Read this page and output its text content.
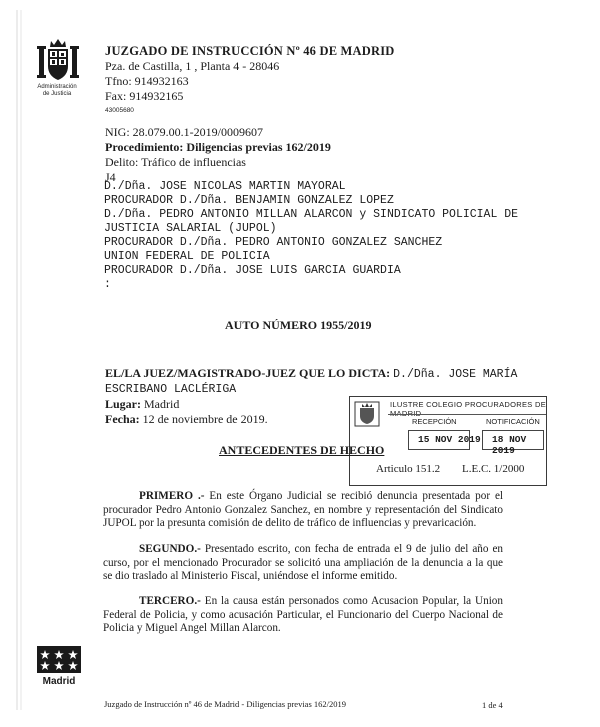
Administración
de Justicia
JUZGADO DE INSTRUCCIÓN Nº 46 DE MADRID
Pza. de Castilla, 1 , Planta 4 - 28046
Tfno: 914932163
Fax: 914932165
43005680
NIG: 28.079.00.1-2019/0009607
Procedimiento: Diligencias previas 162/2019
Delito: Tráfico de influencias
J4
D./Dña. JOSE NICOLAS MARTIN MAYORAL
PROCURADOR D./Dña. BENJAMIN GONZALEZ LOPEZ
D./Dña. PEDRO ANTONIO MILLAN ALARCON y SINDICATO POLICIAL DE
JUSTICIA SALARIAL (JUPOL)
PROCURADOR D./Dña. PEDRO ANTONIO GONZALEZ SANCHEZ
UNION FEDERAL DE POLICIA
PROCURADOR D./Dña. JOSE LUIS GARCIA GUARDIA
:
AUTO NÚMERO 1955/2019
EL/LA JUEZ/MAGISTRADO-JUEZ QUE LO DICTA: D./Dña. JOSE MARÍA
ESCRIBANO LACLÉRIGA
Lugar: Madrid
Fecha: 12 de noviembre de 2019.
ILUSTRE COLEGIO PROCURADORES DE MADRID
RECEPCIÓN	NOTIFICACIÓN
15 NOV 2019 18 NOV 2019
Articulo 151.2 L.E.C. 1/2000
ANTECEDENTES DE HECHO
PRIMERO .- En este Órgano Judicial se recibió denuncia presentada por el procurador Pedro Antonio Gonzalez Sanchez, en nombre y representación del Sindicato JUPOL por la presunta comisión de delito de tráfico de influencias y prevaricación.
SEGUNDO.- Presentado escrito, con fecha de entrada el 9 de julio del año en curso, por el mencionado Procurador se solicitó una ampliación de la denuncia a la que se dio traslado al Ministerio Fiscal, uniéndose el informe emitido.
TERCERO.- En la causa están personados como Acusacion Popular, la Union Federal de Policia, y como acusación Particular, el Funcionario del Cuerpo Nacional de Policia y Miguel Angel Millan Alarcon.
Madrid
Juzgado de Instrucción nº 46 de Madrid - Diligencias previas 162/2019	1 de 4
